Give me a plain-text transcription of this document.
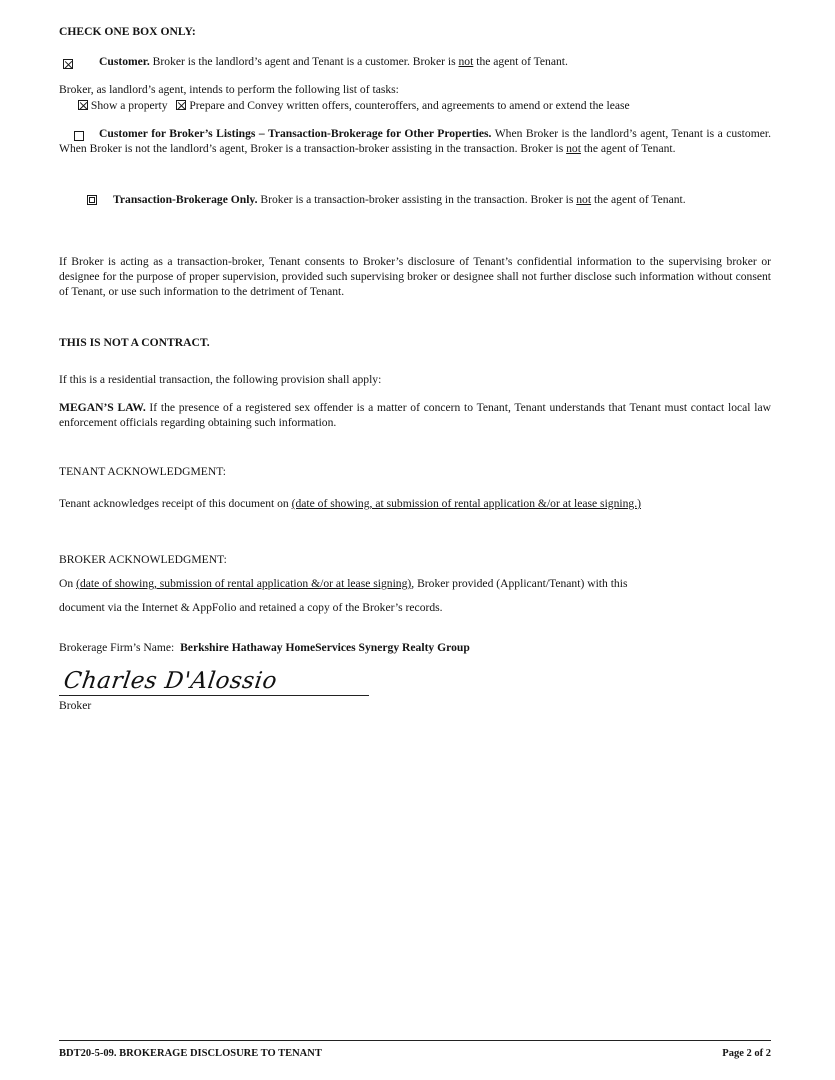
CHECK ONE BOX ONLY:

Customer. Broker is the landlord’s agent and Tenant is a customer. Broker is not the agent of Tenant.
Broker, as landlord’s agent, intends to perform the following list of tasks:
Show a property Prepare and Convey written offers, counteroffers, and agreements to amend or extend the lease

Customer for Broker’s Listings – Transaction-Brokerage for Other Properties. When Broker is the landlord’s agent, Tenant is a customer. When Broker is not the landlord’s agent, Broker is a transaction-broker assisting in the transaction. Broker is not the agent of Tenant.
Transaction-Brokerage Only. Broker is a transaction-broker assisting in the transaction. Broker is not the agent of Tenant.
If Broker is acting as a transaction-broker, Tenant consents to Broker’s disclosure of Tenant’s confidential information to the supervising broker or designee for the purpose of proper supervision, provided such supervising broker or designee shall not further disclose such information without consent of Tenant, or use such information to the detriment of Tenant.
THIS IS NOT A CONTRACT.
If this is a residential transaction, the following provision shall apply:
MEGAN’S LAW. If the presence of a registered sex offender is a matter of concern to Tenant, Tenant understands that Tenant must contact local law enforcement officials regarding obtaining such information.
TENANT ACKNOWLEDGMENT:
Tenant acknowledges receipt of this document on (date of showing, at submission of rental application &/or at lease signing.)
BROKER ACKNOWLEDGMENT:
On (date of showing, submission of rental application &/or at lease signing), Broker provided (Applicant/Tenant) with this
document via the Internet & AppFolio and retained a copy of the Broker’s records.
Brokerage Firm’s Name: Berkshire Hathaway HomeServices Synergy Realty Group
Charles D'Alossio
Broker
BDT20-5-09. BROKERAGE DISCLOSURE TO TENANT	Page 2 of 2
